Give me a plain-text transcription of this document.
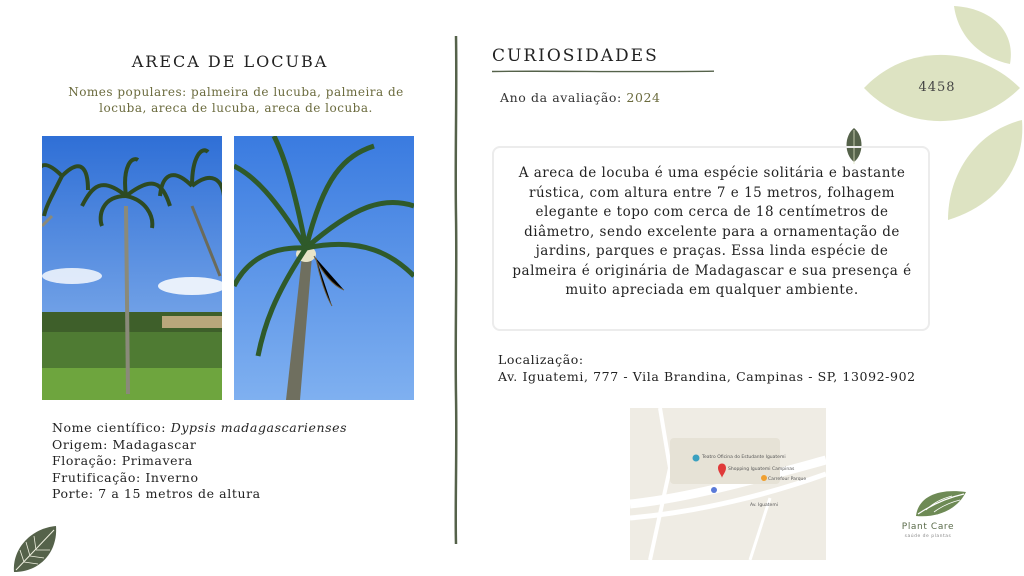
4458
ARECA DE LOCUBA
Nomes populares: palmeira de lucuba, palmeira de locuba, areca de lucuba, areca de locuba.
Nome científico: Dypsis madagascarienses
Origem: Madagascar
Floração: Primavera
Frutificação: Inverno
Porte: 7 a 15 metros de altura
CURIOSIDADES
Ano da avaliação: 2024
A areca de locuba é uma espécie solitária e bastante rústica, com altura entre 7 e 15 metros, folhagem elegante e topo com cerca de 18 centímetros de diâmetro, sendo excelente para a ornamentação de jardins, parques e praças. Essa linda espécie de palmeira é originária de Madagascar e sua presença é muito apreciada em qualquer ambiente.
Localização:
Av. Iguatemi, 777 - Vila Brandina, Campinas - SP, 13092-902
Teatro Oficina do Estudante Iguatemi
Shopping Iguatemi Campinas
Carrefour Parque
Av. Iguatemi
Plant Care
saúde de plantas
